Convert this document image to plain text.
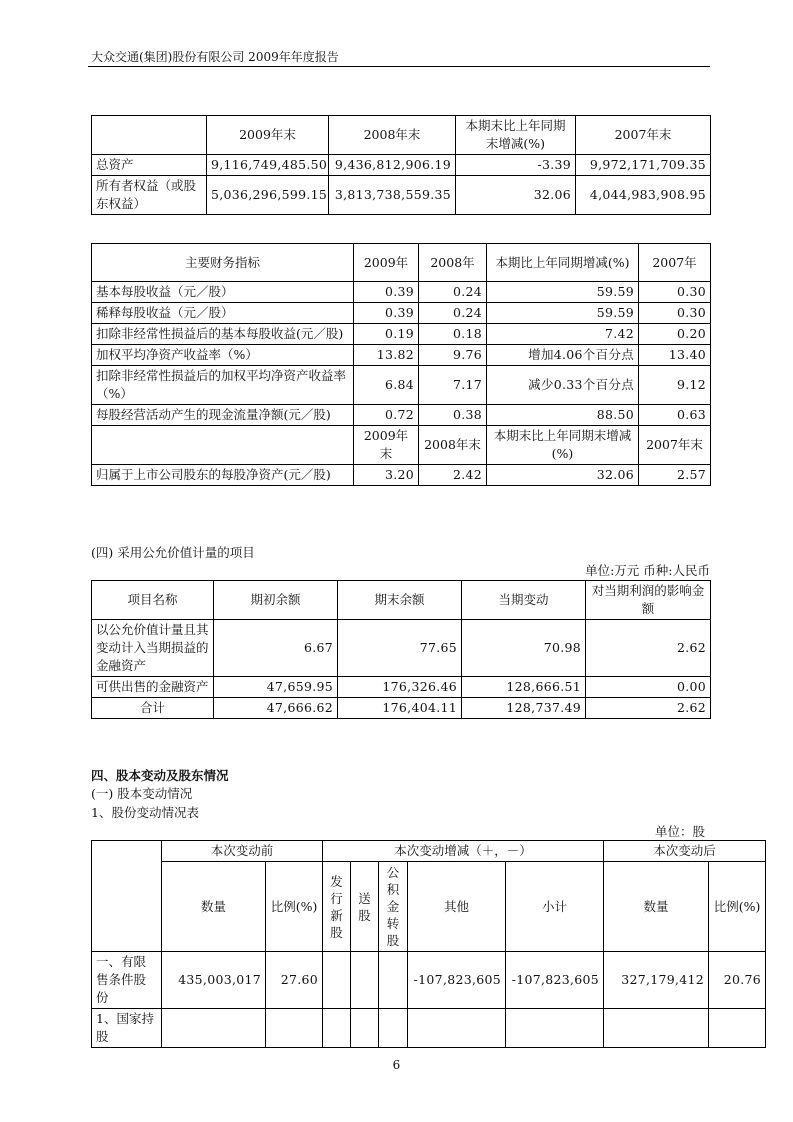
大众交通(集团)股份有限公司 2009年年度报告
	2009年末	2008年末	本期末比上年同期末增减(%)	2007年末
总资产	9,116,749,485.50	9,436,812,906.19	-3.39	9,972,171,709.35
所有者权益（或股东权益）	5,036,296,599.15	3,813,738,559.35	32.06	4,044,983,908.95
主要财务指标	2009年	2008年	本期比上年同期增减(%)	2007年
基本每股收益（元／股）	0.39	0.24	59.59	0.30
稀释每股收益（元／股）	0.39	0.24	59.59	0.30
扣除非经常性损益后的基本每股收益(元／股)	0.19	0.18	7.42	0.20
加权平均净资产收益率（%）	13.82	9.76	增加4.06个百分点	13.40
扣除非经常性损益后的加权平均净资产收益率（%）	6.84	7.17	减少0.33个百分点	9.12
每股经营活动产生的现金流量净额(元／股)	0.72	0.38	88.50	0.63
	2009年末	2008年末	本期末比上年同期末增减(%)	2007年末
归属于上市公司股东的每股净资产(元／股)	3.20	2.42	32.06	2.57
(四) 采用公允价值计量的项目
单位:万元 币种:人民币
项目名称	期初余额	期末余额	当期变动	对当期利润的影响金额
以公允价值计量且其变动计入当期损益的金融资产	6.67	77.65	70.98	2.62
可供出售的金融资产	47,659.95	176,326.46	128,666.51	0.00
合计	47,666.62	176,404.11	128,737.49	2.62
四、股本变动及股东情况
(一) 股本变动情况
1、股份变动情况表
单位：股
	本次变动前		本次变动增减（＋，－）					本次变动后	
	数量	比例(%)	发行新股	送股	公积金转股	其他	小计	数量	比例(%)
一、有限售条件股份	435,003,017	27.60				-107,823,605	-107,823,605	327,179,412	20.76
1、国家持股									
6
